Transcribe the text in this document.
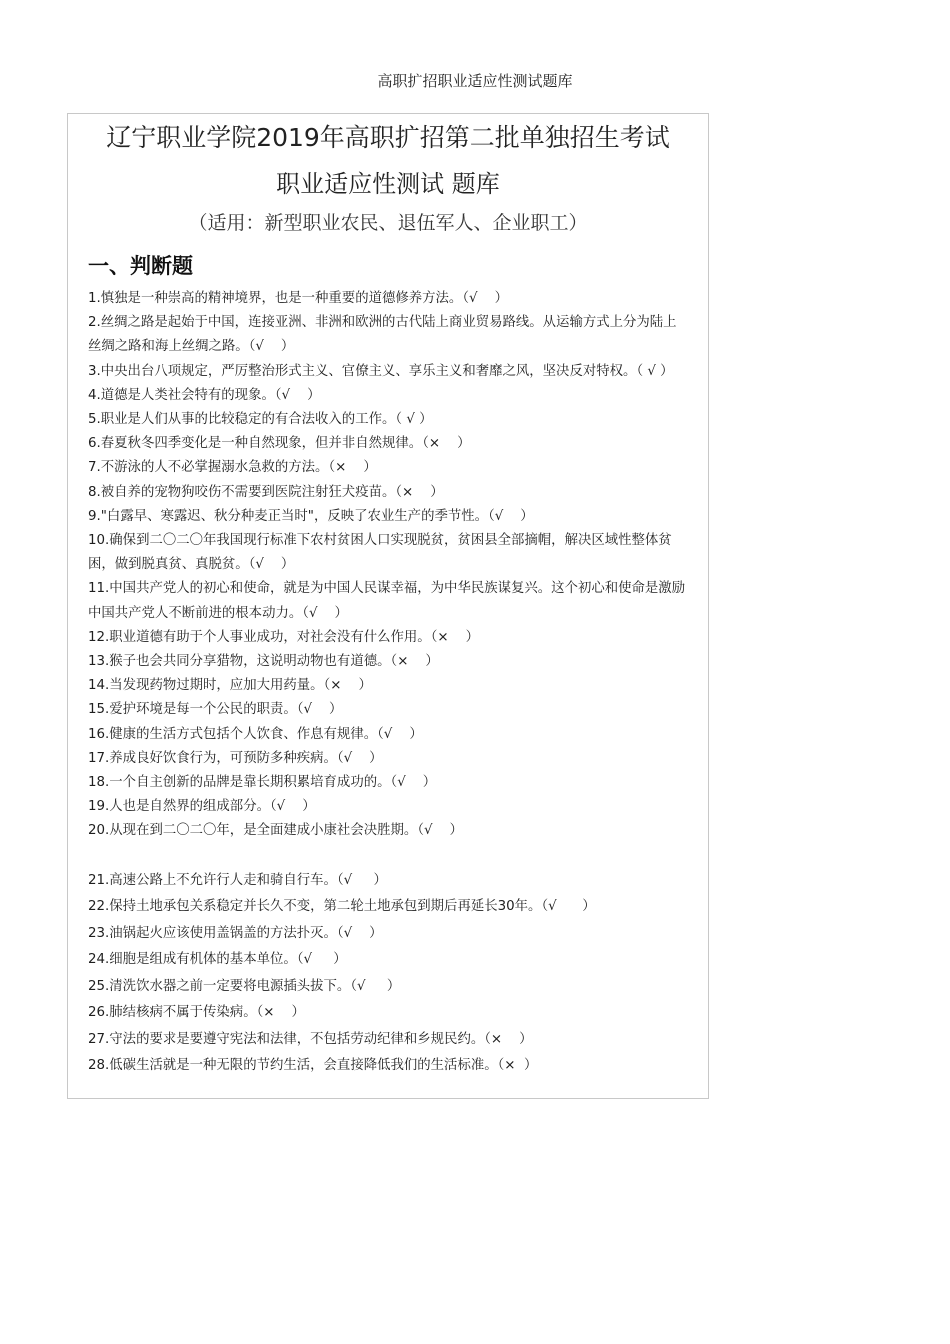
高职扩招职业适应性测试题库
辽宁职业学院2019年高职扩招第二批单独招生考试
职业适应性测试 题库
（适用：新型职业农民、退伍军人、企业职工）
一、判断题
1.慎独是一种崇高的精神境界，也是一种重要的道德修养方法。（√    ）
2.丝绸之路是起始于中国，连接亚洲、非洲和欧洲的古代陆上商业贸易路线。从运输方式上分为陆上丝绸之路和海上丝绸之路。（√    ）
3.中央出台八项规定，严厉整治形式主义、官僚主义、享乐主义和奢靡之风，坚决反对特权。（ √ ）
4.道德是人类社会特有的现象。（√    ）
5.职业是人们从事的比较稳定的有合法收入的工作。（ √ ）
6.春夏秋冬四季变化是一种自然现象，但并非自然规律。（×    ）
7.不游泳的人不必掌握溺水急救的方法。（×    ）
8.被自养的宠物狗咬伤不需要到医院注射狂犬疫苗。（×    ）
9."白露早、寒露迟、秋分种麦正当时"，反映了农业生产的季节性。（√    ）
10.确保到二〇二〇年我国现行标准下农村贫困人口实现脱贫，贫困县全部摘帽，解决区域性整体贫困，做到脱真贫、真脱贫。（√    ）
11.中国共产党人的初心和使命，就是为中国人民谋幸福，为中华民族谋复兴。这个初心和使命是激励中国共产党人不断前进的根本动力。（√    ）
12.职业道德有助于个人事业成功，对社会没有什么作用。（×    ）
13.猴子也会共同分享猎物，这说明动物也有道德。（×    ）
14.当发现药物过期时，应加大用药量。（×    ）
15.爱护环境是每一个公民的职责。（√    ）
16.健康的生活方式包括个人饮食、作息有规律。（√    ）
17.养成良好饮食行为，可预防多种疾病。（√    ）
18.一个自主创新的品牌是靠长期积累培育成功的。（√    ）
19.人也是自然界的组成部分。（√    ）
20.从现在到二〇二〇年，是全面建成小康社会决胜期。（√    ）
21.高速公路上不允许行人走和骑自行车。（√     ）
22.保持土地承包关系稳定并长久不变，第二轮土地承包到期后再延长30年。（√      ）
23.油锅起火应该使用盖锅盖的方法扑灭。（√    ）
24.细胞是组成有机体的基本单位。（√     ）
25.清洗饮水器之前一定要将电源插头拔下。（√     ）
26.肺结核病不属于传染病。（×    ）
27.守法的要求是要遵守宪法和法律，不包括劳动纪律和乡规民约。（×    ）
28.低碳生活就是一种无限的节约生活，会直接降低我们的生活标准。（×  ）
